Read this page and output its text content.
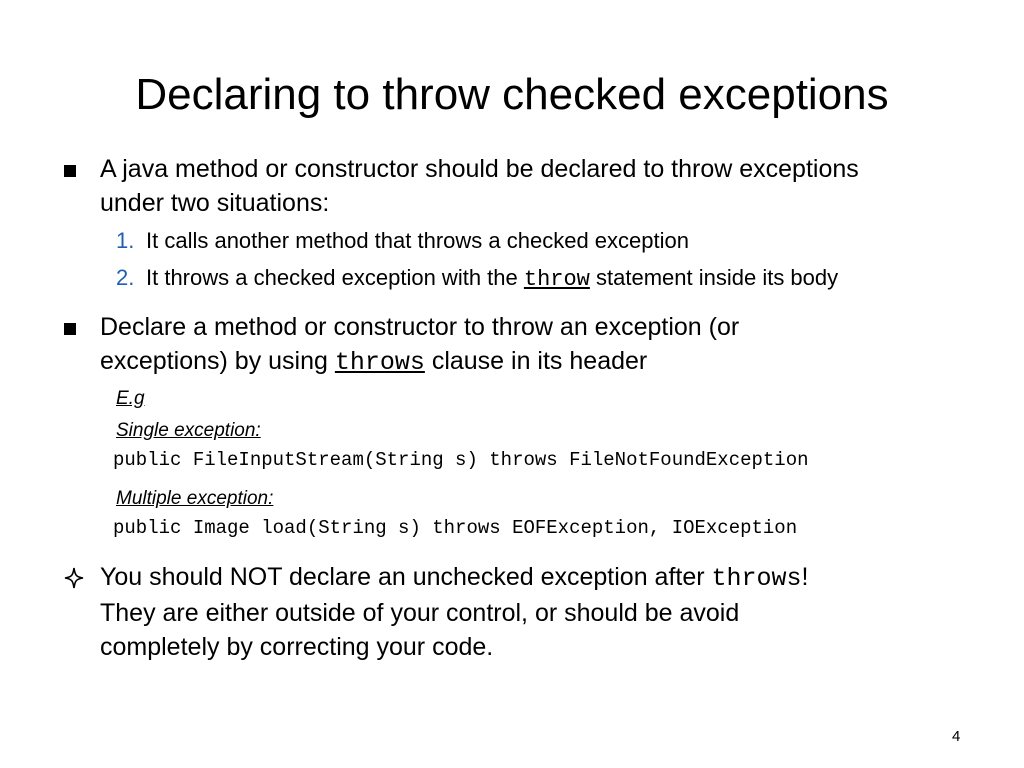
Declaring to throw checked exceptions
A java method or constructor should be declared to throw exceptions
under two situations:
1. It calls another method that throws a checked exception
2. It throws a checked exception with the throw statement inside its body
Declare a method or constructor to throw an exception (or
exceptions) by using throws clause in its header
E.g
Single exception:
public FileInputStream(String s) throws FileNotFoundException
Multiple exception:
public Image load(String s) throws EOFException, IOException
You should NOT declare an unchecked exception after throws!
They are either outside of your control, or should be avoid
completely by correcting your code.
4
